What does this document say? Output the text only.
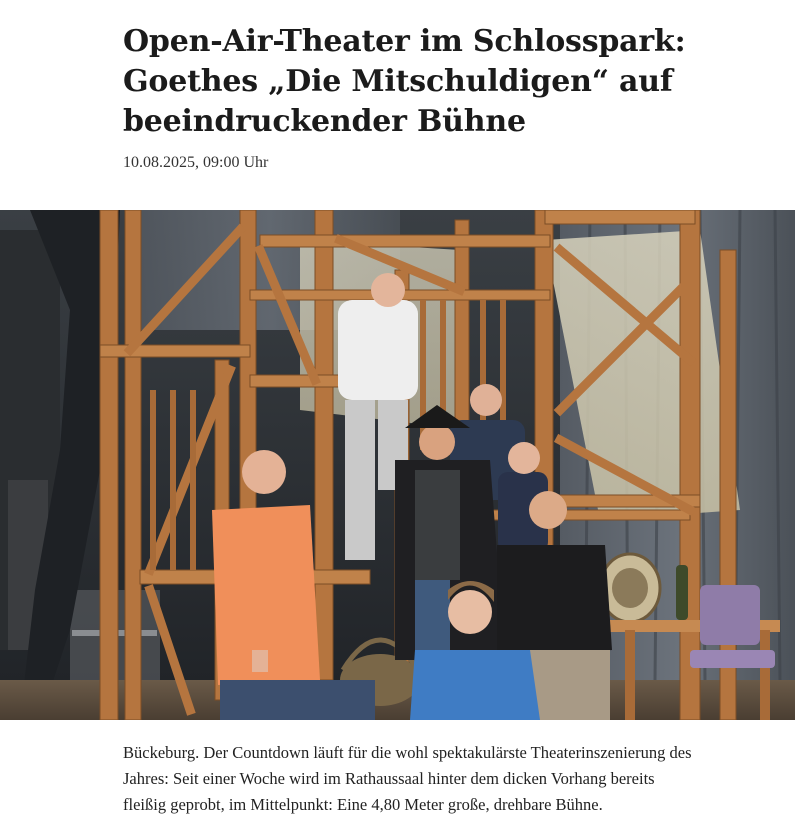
Open-Air-Theater im Schlosspark:
Goethes „Die Mitschuldigen“ auf
beeindruckender Bühne
10.08.2025, 09:00 Uhr

Bückeburg. Der Countdown läuft für die wohl spektakulärste Theaterinszenierung des
Jahres: Seit einer Woche wird im Rathaussaal hinter dem dicken Vorhang bereits
fleißig geprobt, im Mittelpunkt: Eine 4,80 Meter große, drehbare Bühne.
